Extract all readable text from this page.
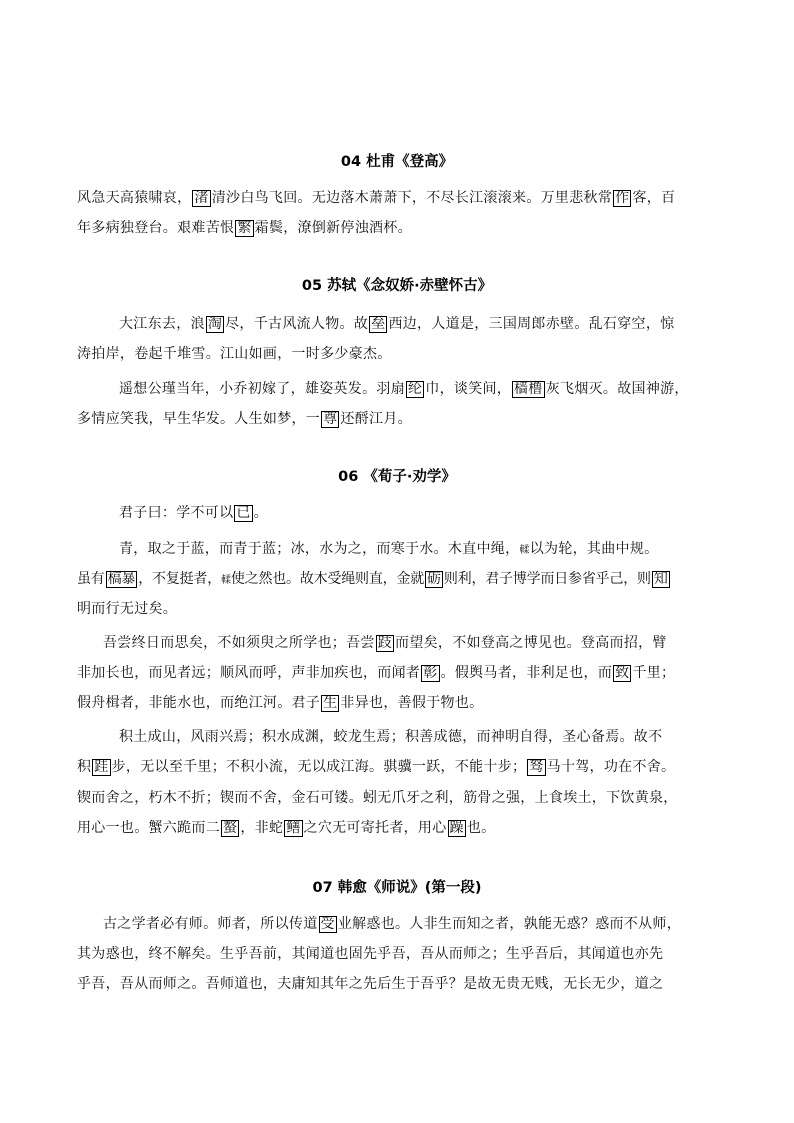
04 杜甫《登高》
风急天高猿啸哀， 渚 清沙白鸟飞回。无边落木萧萧下，不尽长江滚滚来。万里悲秋常 作 客，百
年多病独登台。艰难苦恨 繁 霜鬓，潦倒新停浊酒杯。
05 苏轼《念奴娇·赤壁怀古》
大江东去，浪 淘 尽，千古风流人物。故 垒 西边，人道是，三国周郎赤壁。乱石穿空，惊
涛拍岸，卷起千堆雪。江山如画，一时多少豪杰。
遥想公瑾当年，小乔初嫁了，雄姿英发。羽扇 纶 巾，谈笑间， 樯橹 灰飞烟灭。故国神游，
多情应笑我，早生华发。人生如梦，一 尊 还酹江月。
06 《荀子·劝学》
君子曰：学不可以 已 。
青，取之于蓝，而青于蓝；冰，水为之，而寒于水。木直中绳，輮以为轮，其曲中规。
虽有 槁暴 ，不复挺者，輮使之然也。故木受绳则直，金就 砺 则利，君子博学而日参省乎己，则 知
明而行无过矣。
吾尝终日而思矣，不如须臾之所学也；吾尝 跂 而望矣，不如登高之博见也。登高而招，臂
非加长也，而见者远；顺风而呼，声非加疾也，而闻者 彰 。假舆马者，非利足也，而 致 千里；
假舟楫者，非能水也，而绝江河。君子 生 非异也，善假于物也。
积土成山，风雨兴焉；积水成渊，蛟龙生焉；积善成德，而神明自得，圣心备焉。故不
积 跬 步，无以至千里；不积小流，无以成江海。骐骥一跃，不能十步； 驽 马十驾，功在不舍。
锲而舍之，朽木不折；锲而不舍，金石可镂。蚓无爪牙之利，筋骨之强，上食埃土，下饮黄泉，
用心一也。蟹六跪而二 螯 ，非蛇 鳝 之穴无可寄托者，用心 躁 也。
07 韩愈《师说》(第一段)
古之学者必有师。师者，所以传道 受 业解惑也。人非生而知之者，孰能无惑？惑而不从师，
其为惑也，终不解矣。生乎吾前，其闻道也固先乎吾，吾从而师之；生乎吾后，其闻道也亦先
乎吾，吾从而师之。吾师道也，夫庸知其年之先后生于吾乎？是故无贵无贱，无长无少，道之
